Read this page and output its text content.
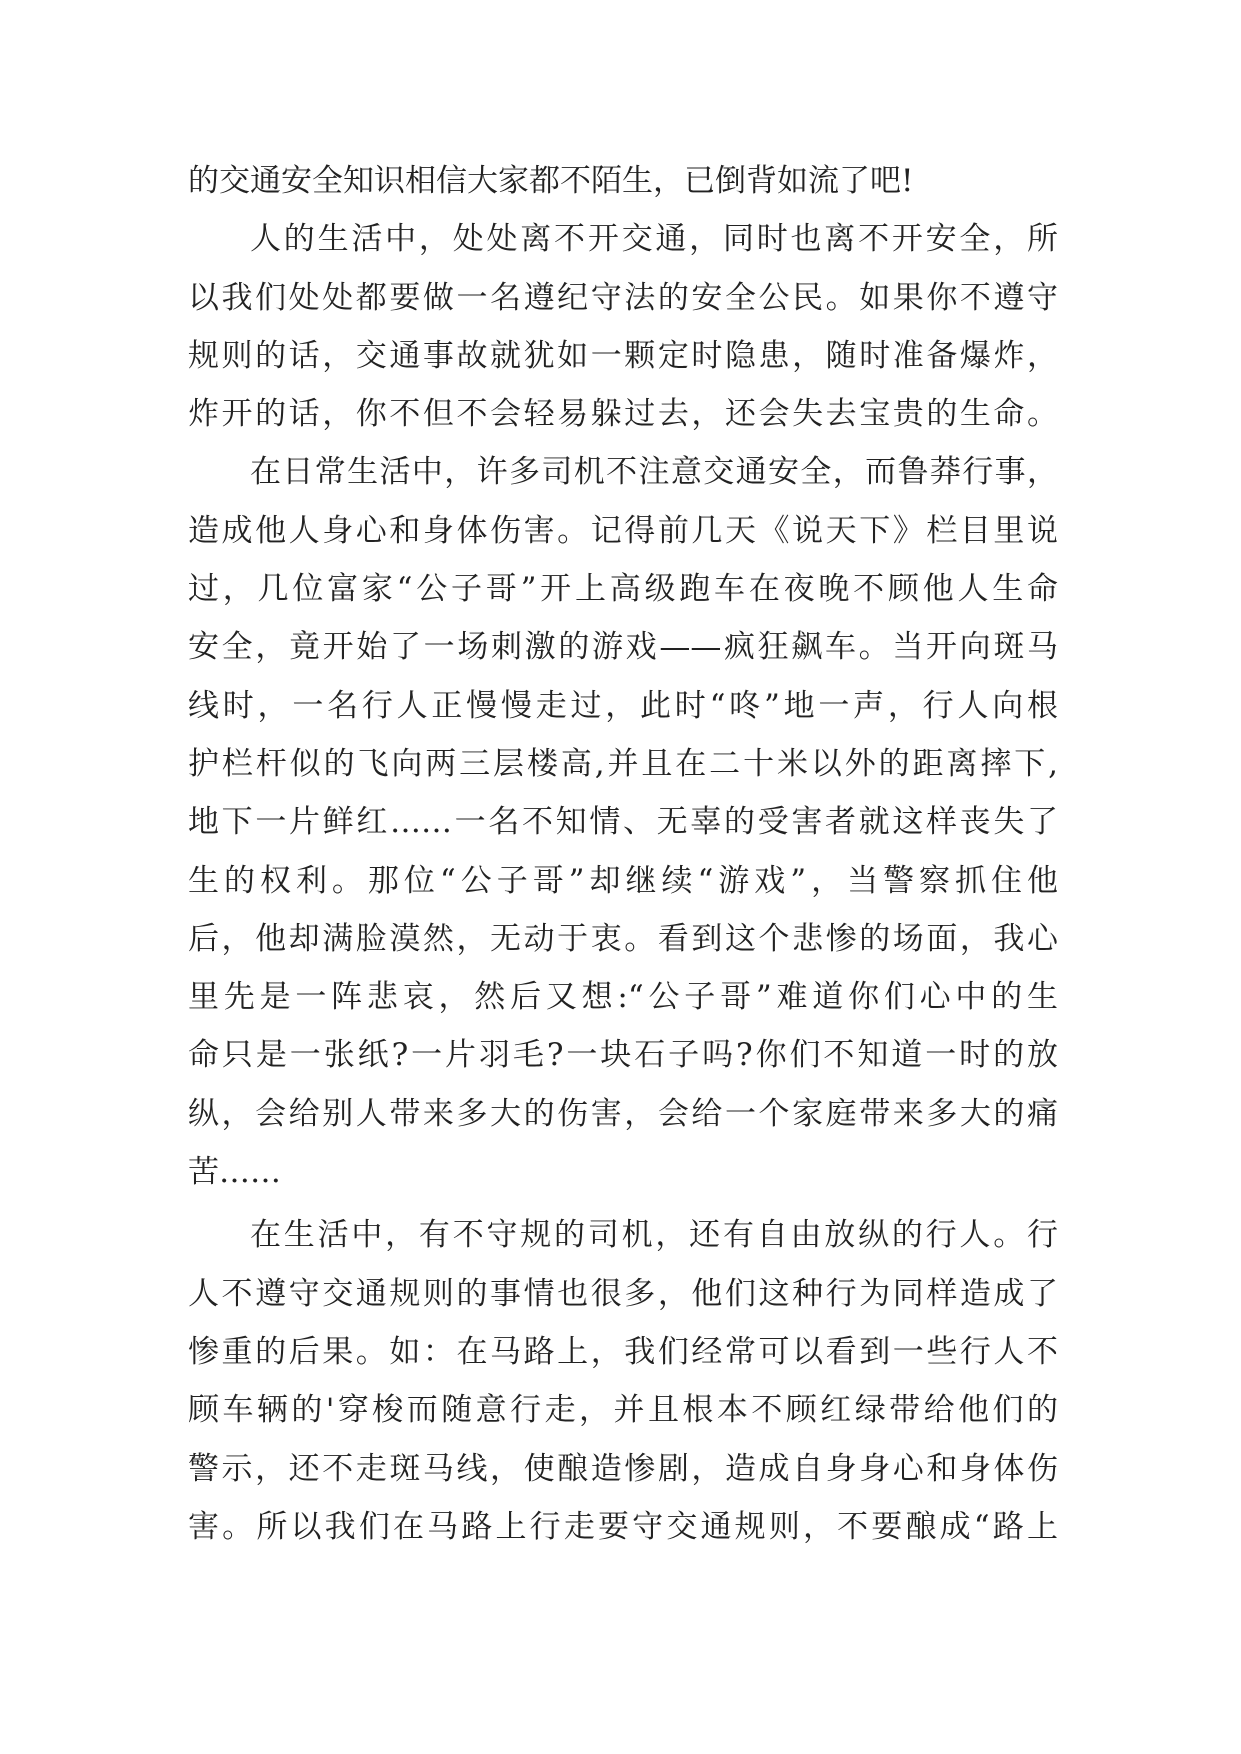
的交通安全知识相信大家都不陌生，已倒背如流了吧!
人的生活中，处处离不开交通，同时也离不开安全，所
以我们处处都要做一名遵纪守法的安全公民。如果你不遵守
规则的话，交通事故就犹如一颗定时隐患，随时准备爆炸，
炸开的话，你不但不会轻易躲过去，还会失去宝贵的生命。
在日常生活中，许多司机不注意交通安全，而鲁莽行事，
造成他人身心和身体伤害。记得前几天《说天下》栏目里说
过，几位富家“公子哥”开上高级跑车在夜晚不顾他人生命
安全，竟开始了一场刺激的游戏——疯狂飙车。当开向斑马
线时，一名行人正慢慢走过，此时“咚”地一声，行人向根
护栏杆似的飞向两三层楼高,并且在二十米以外的距离摔下,
地下一片鲜红……一名不知情、无辜的受害者就这样丧失了
生的权利。那位“公子哥”却继续“游戏”，当警察抓住他
后，他却满脸漠然，无动于衷。看到这个悲惨的场面，我心
里先是一阵悲哀，然后又想:“公子哥”难道你们心中的生
命只是一张纸?一片羽毛?一块石子吗?你们不知道一时的放
纵，会给别人带来多大的伤害，会给一个家庭带来多大的痛
苦……
在生活中，有不守规的司机，还有自由放纵的行人。行
人不遵守交通规则的事情也很多，他们这种行为同样造成了
惨重的后果。如：在马路上，我们经常可以看到一些行人不
顾车辆的'穿梭而随意行走，并且根本不顾红绿带给他们的
警示，还不走斑马线，使酿造惨剧，造成自身身心和身体伤
害。所以我们在马路上行走要守交通规则，不要酿成“路上
